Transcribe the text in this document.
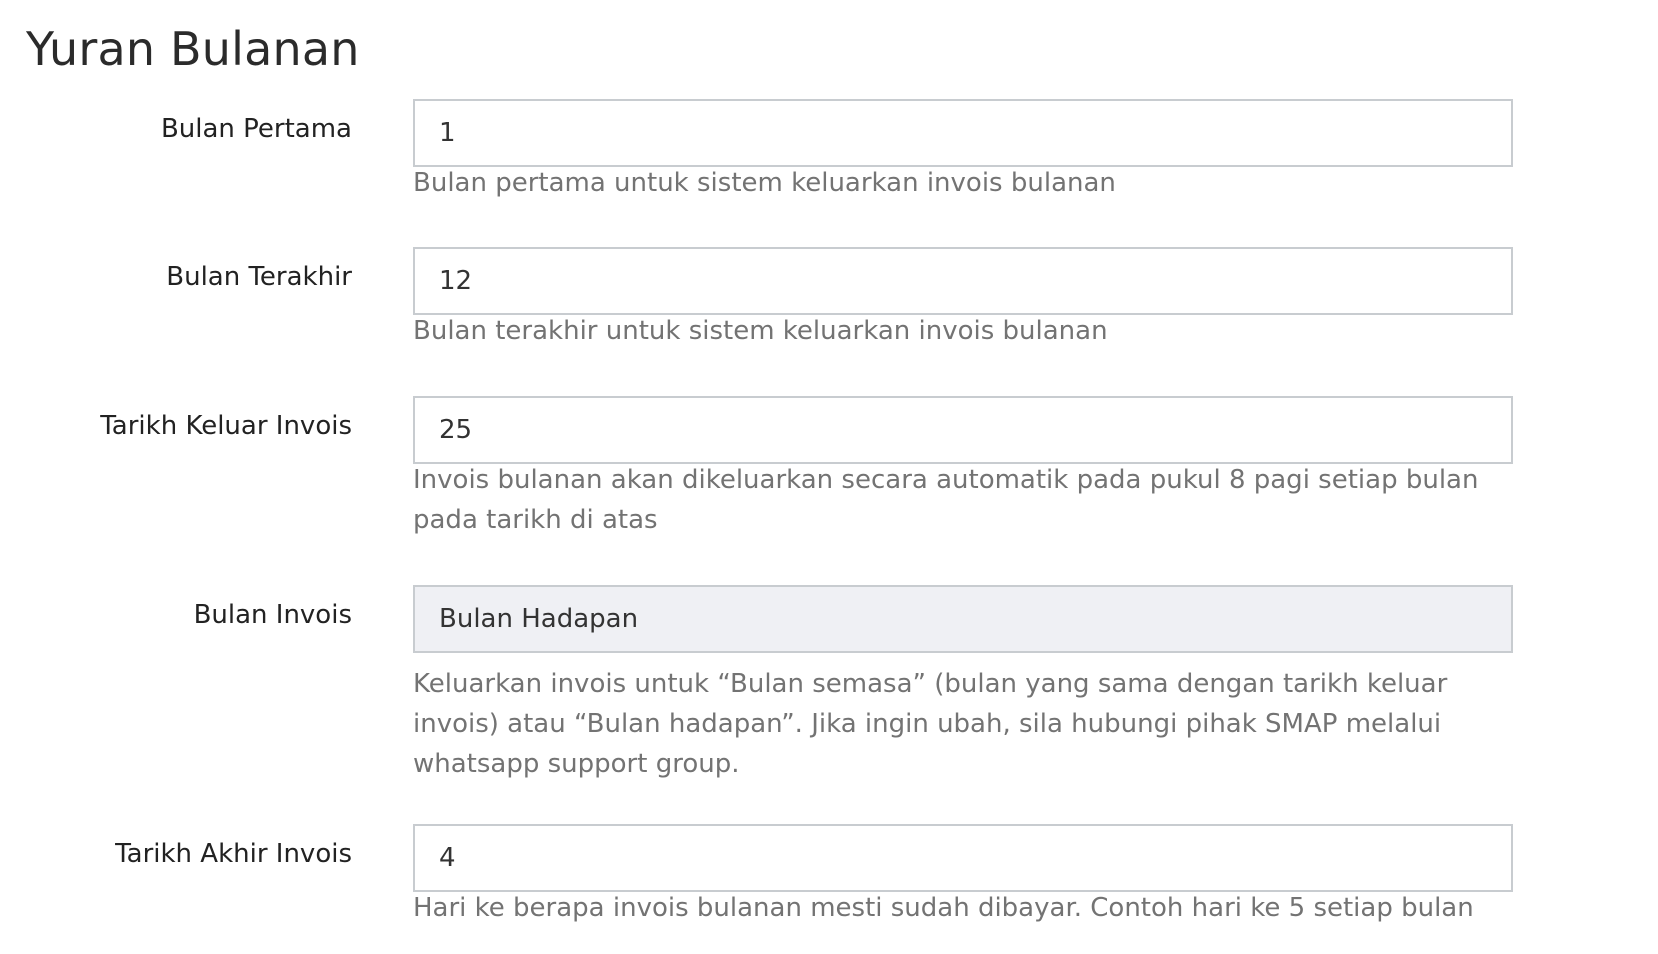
Yuran Bulanan
Bulan Pertama
1

Bulan pertama untuk sistem keluarkan invois bulanan

Bulan Terakhir
12

Bulan terakhir untuk sistem keluarkan invois bulanan

Tarikh Keluar Invois
25

Invois bulanan akan dikeluarkan secara automatik pada pukul 8 pagi setiap bulan pada tarikh di atas

Bulan Invois
Bulan Hadapan

Keluarkan invois untuk “Bulan semasa” (bulan yang sama dengan tarikh keluar invois) atau “Bulan hadapan”. Jika ingin ubah, sila hubungi pihak SMAP melalui whatsapp support group.

Tarikh Akhir Invois
4

Hari ke berapa invois bulanan mesti sudah dibayar. Contoh hari ke 5 setiap bulan
